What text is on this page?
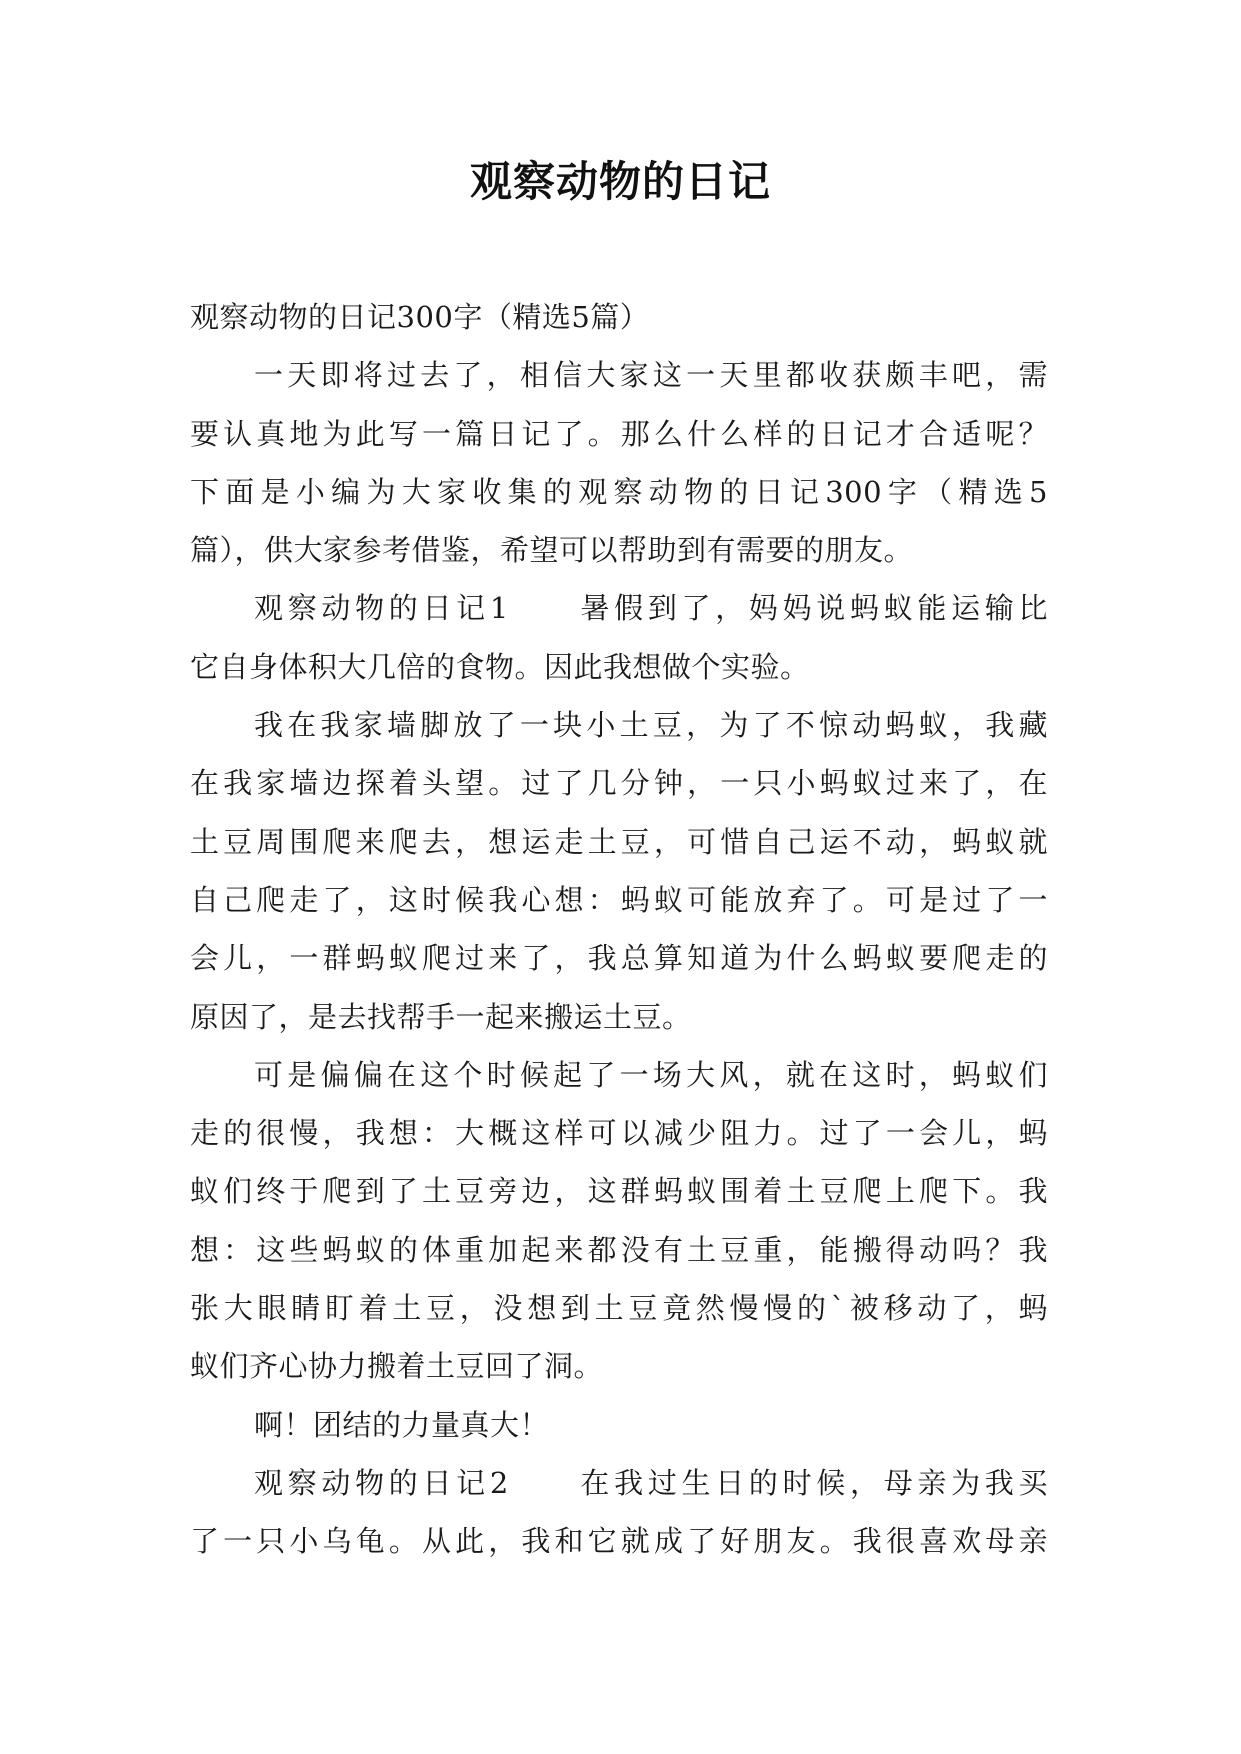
观察动物的日记
观察动物的日记300字（精选5篇）
一天即将过去了，相信大家这一天里都收获颇丰吧，需
要认真地为此写一篇日记了。那么什么样的日记才合适呢？
下面是小编为大家收集的观察动物的日记300字（精选5
篇），供大家参考借鉴，希望可以帮助到有需要的朋友。
观察动物的日记1　　暑假到了，妈妈说蚂蚁能运输比
它自身体积大几倍的食物。因此我想做个实验。
我在我家墙脚放了一块小土豆，为了不惊动蚂蚁，我藏
在我家墙边探着头望。过了几分钟，一只小蚂蚁过来了，在
土豆周围爬来爬去，想运走土豆，可惜自己运不动，蚂蚁就
自己爬走了，这时候我心想：蚂蚁可能放弃了。可是过了一
会儿，一群蚂蚁爬过来了，我总算知道为什么蚂蚁要爬走的
原因了，是去找帮手一起来搬运土豆。
可是偏偏在这个时候起了一场大风，就在这时，蚂蚁们
走的很慢，我想：大概这样可以减少阻力。过了一会儿，蚂
蚁们终于爬到了土豆旁边，这群蚂蚁围着土豆爬上爬下。我
想：这些蚂蚁的体重加起来都没有土豆重，能搬得动吗？我
张大眼睛盯着土豆，没想到土豆竟然慢慢的`被移动了，蚂
蚁们齐心协力搬着土豆回了洞。
啊！团结的力量真大！
观察动物的日记2　　在我过生日的时候，母亲为我买
了一只小乌龟。从此，我和它就成了好朋友。我很喜欢母亲
